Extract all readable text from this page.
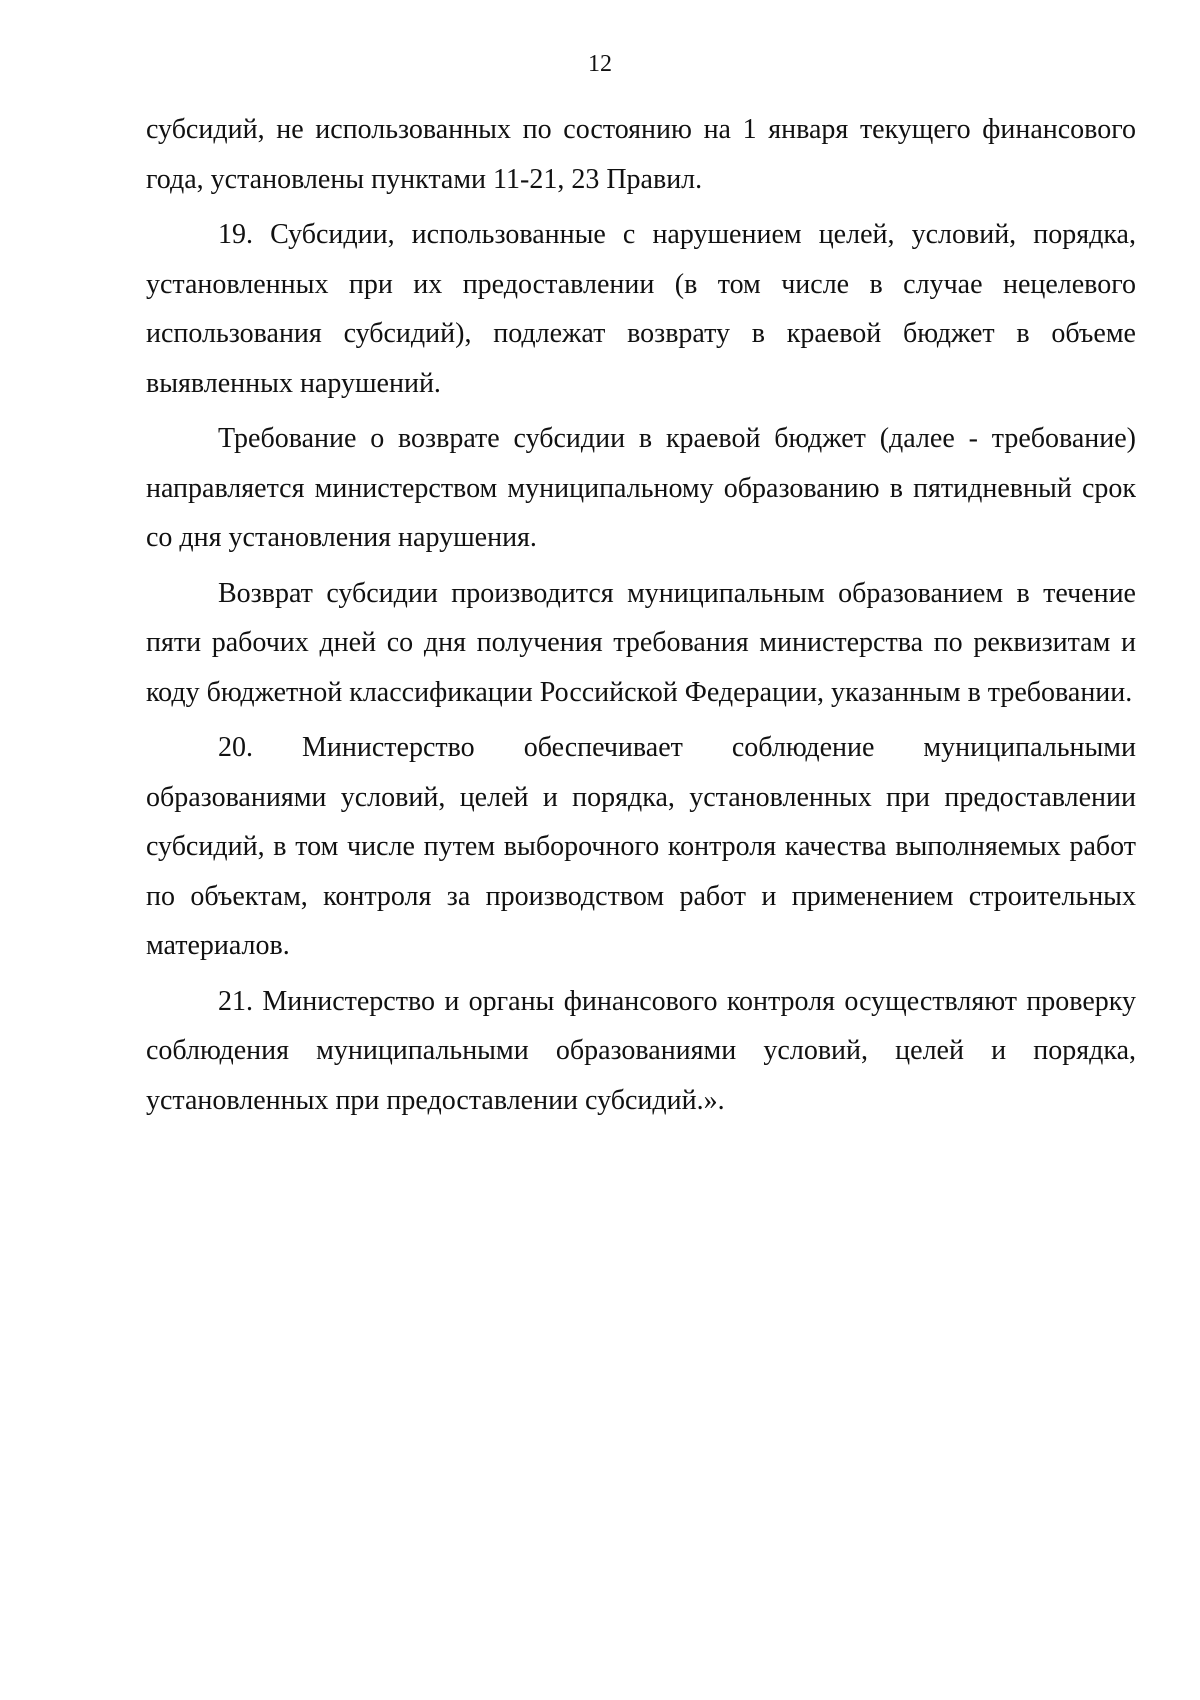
12

субсидий, не использованных по состоянию на 1 января текущего финансового года, установлены пунктами 11-21, 23 Правил.

19. Субсидии, использованные с нарушением целей, условий, порядка, установленных при их предоставлении (в том числе в случае нецелевого использования субсидий), подлежат возврату в краевой бюджет в объеме выявленных нарушений.

Требование о возврате субсидии в краевой бюджет (далее - требование) направляется министерством муниципальному образованию в пятидневный срок со дня установления нарушения.

Возврат субсидии производится муниципальным образованием в течение пяти рабочих дней со дня получения требования министерства по реквизитам и коду бюджетной классификации Российской Федерации, указанным в требовании.

20. Министерство обеспечивает соблюдение муниципальными образованиями условий, целей и порядка, установленных при предоставлении субсидий, в том числе путем выборочного контроля качества выполняемых работ по объектам, контроля за производством работ и применением строительных материалов.

21. Министерство и органы финансового контроля осуществляют проверку соблюдения муниципальными образованиями условий, целей и порядка, установленных при предоставлении субсидий.».
